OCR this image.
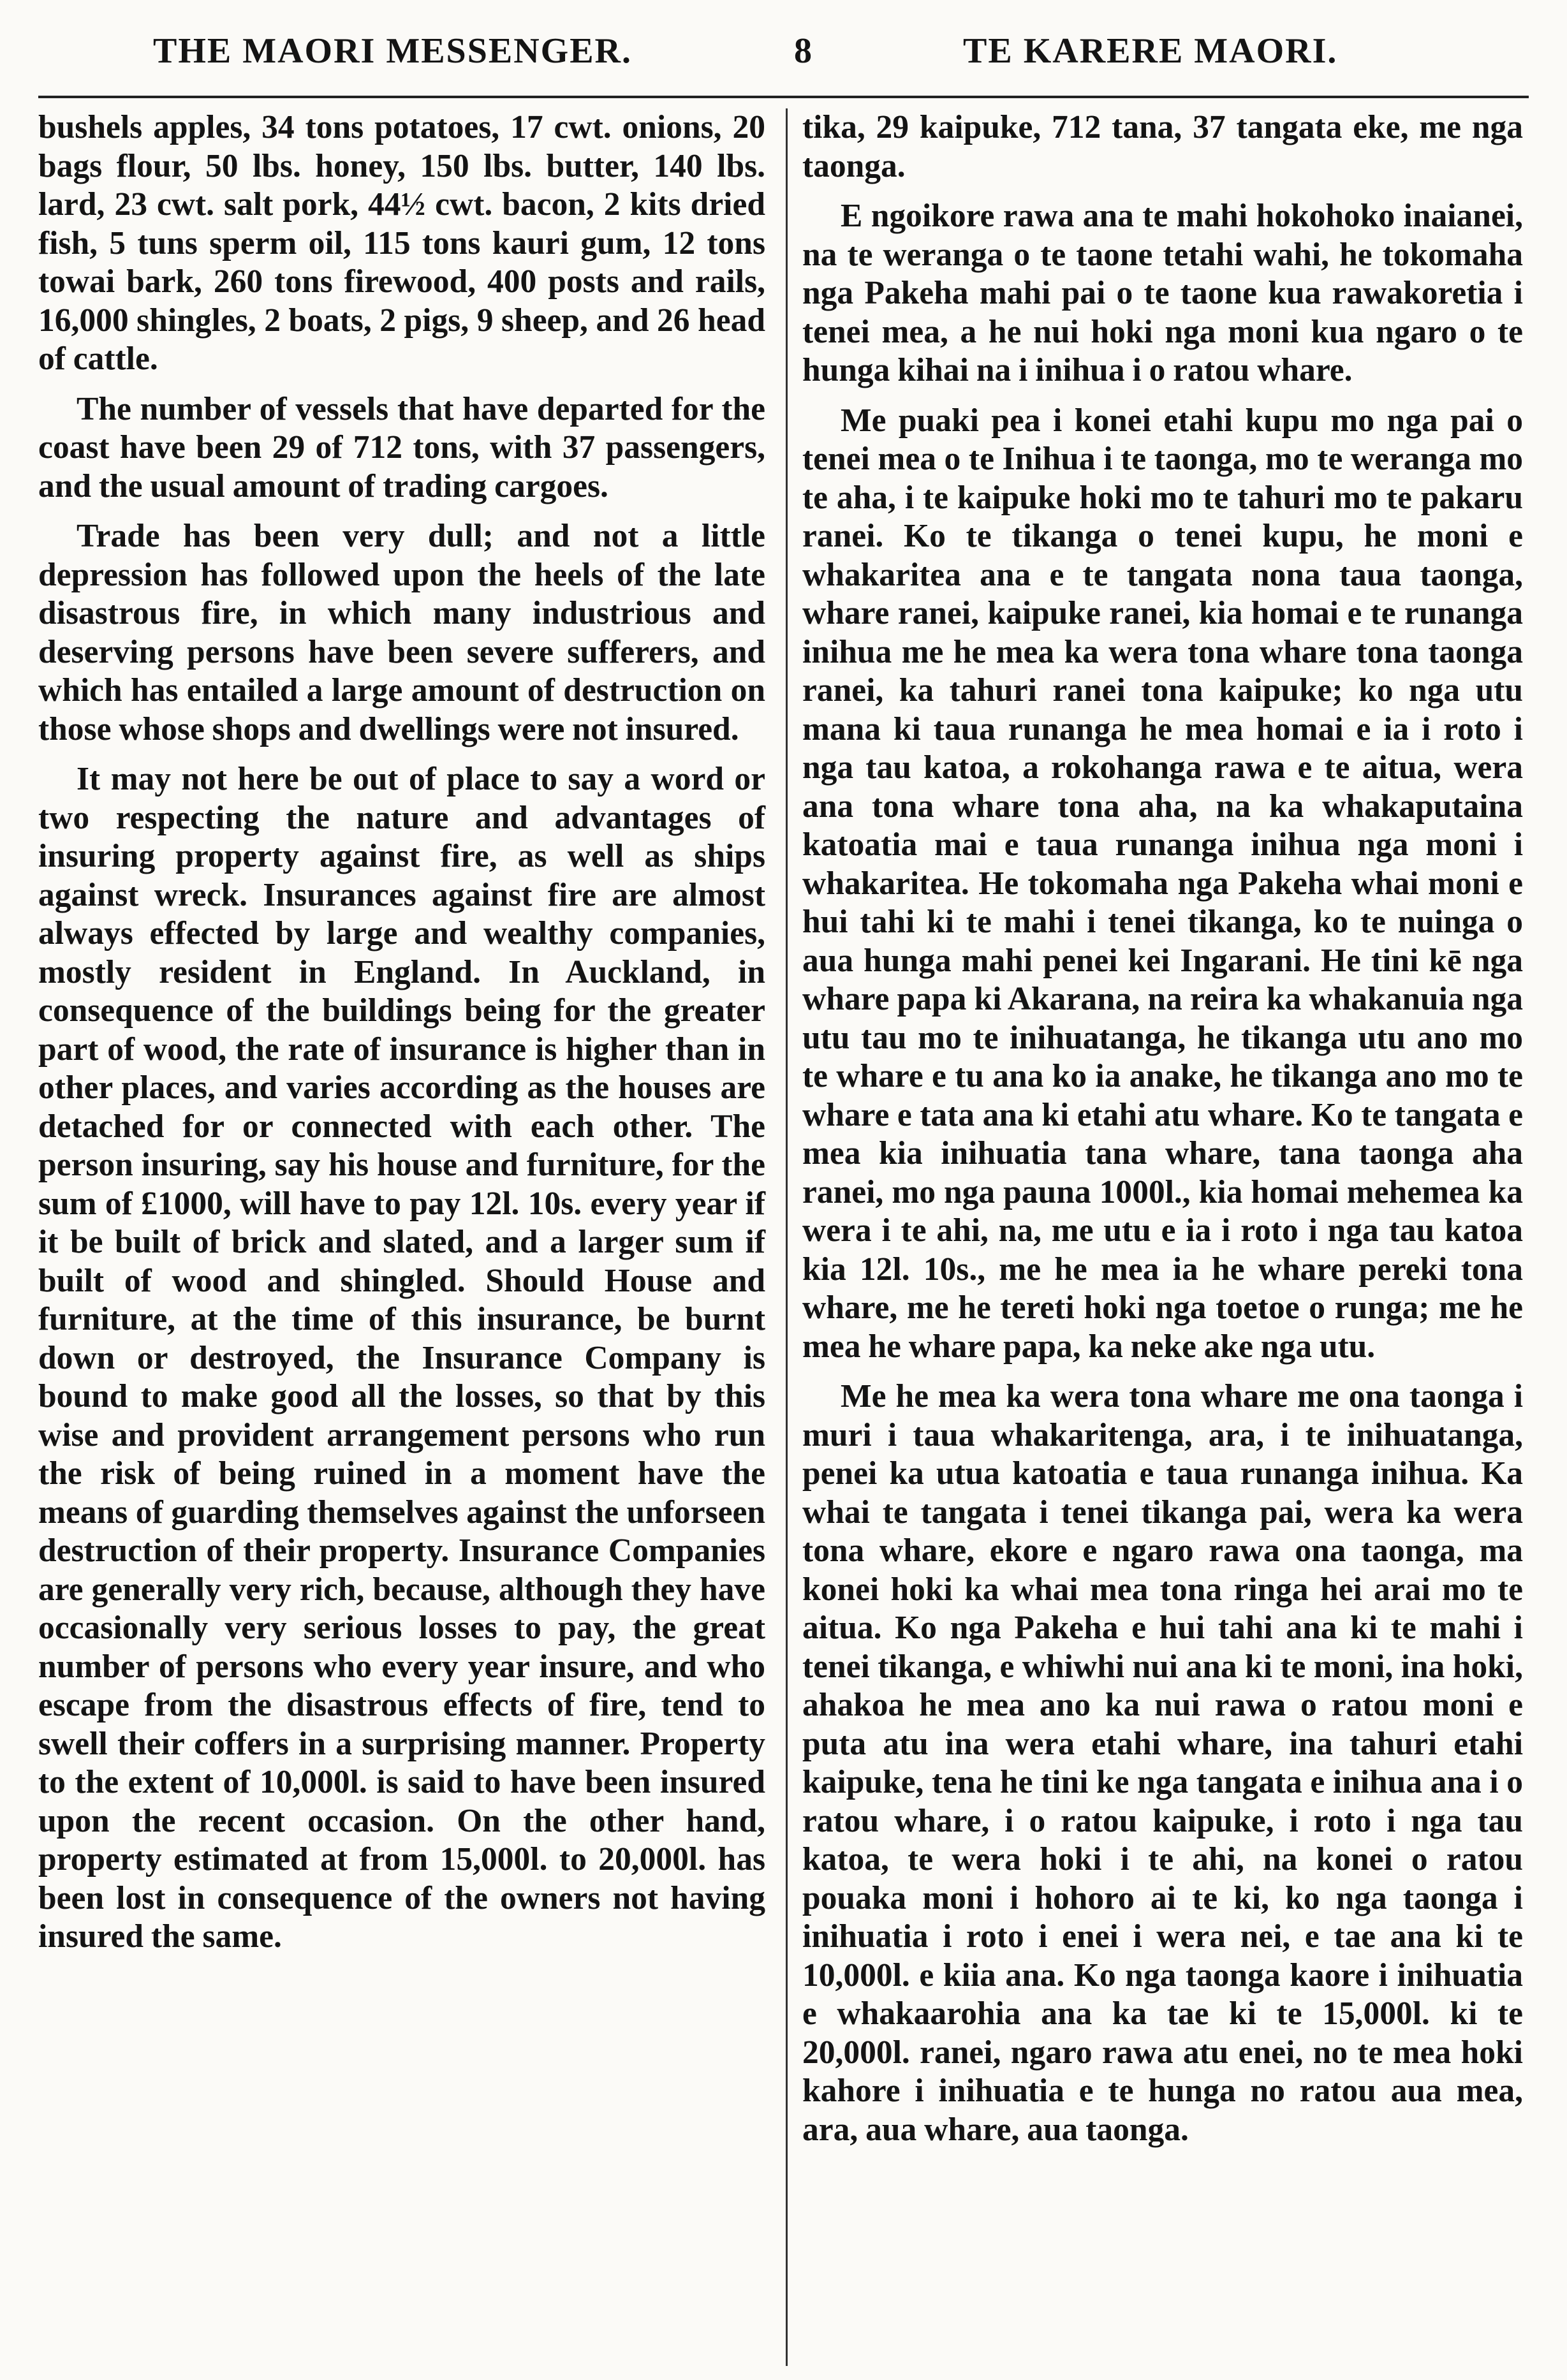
THE MAORI MESSENGER.	8	TE KARERE MAORI.

bushels apples, 34 tons potatoes, 17 cwt. onions, 20 bags flour, 50 lbs. honey, 150 lbs. butter, 140 lbs. lard, 23 cwt. salt pork, 44½ cwt. bacon, 2 kits dried fish, 5 tuns sperm oil, 115 tons kauri gum, 12 tons towai bark, 260 tons firewood, 400 posts and rails, 16,000 shingles, 2 boats, 2 pigs, 9 sheep, and 26 head of cattle.

The number of vessels that have departed for the coast have been 29 of 712 tons, with 37 passengers, and the usual amount of trading cargoes.

Trade has been very dull; and not a little depression has followed upon the heels of the late disastrous fire, in which many industrious and deserving persons have been severe sufferers, and which has entailed a large amount of destruction on those whose shops and dwellings were not insured.

It may not here be out of place to say a word or two respecting the nature and advantages of insuring property against fire, as well as ships against wreck. Insurances against fire are almost always effected by large and wealthy companies, mostly resident in England. In Auckland, in consequence of the buildings being for the greater part of wood, the rate of insurance is higher than in other places, and varies according as the houses are detached for or connected with each other. The person insuring, say his house and furniture, for the sum of £1000, will have to pay 12l. 10s. every year if it be built of brick and slated, and a larger sum if built of wood and shingled. Should House and furniture, at the time of this insurance, be burnt down or destroyed, the Insurance Company is bound to make good all the losses, so that by this wise and provident arrangement persons who run the risk of being ruined in a moment have the means of guarding themselves against the unforseen destruction of their property. Insurance Companies are generally very rich, because, although they have occasionally very serious losses to pay, the great number of persons who every year insure, and who escape from the disastrous effects of fire, tend to swell their coffers in a surprising manner. Property to the extent of 10,000l. is said to have been insured upon the recent occasion. On the other hand, property estimated at from 15,000l. to 20,000l. has been lost in consequence of the owners not having insured the same.

tika, 29 kaipuke, 712 tana, 37 tangata eke, me nga taonga.

E ngoikore rawa ana te mahi hokohoko inaianei, na te weranga o te taone tetahi wahi, he tokomaha nga Pakeha mahi pai o te taone kua rawakoretia i tenei mea, a he nui hoki nga moni kua ngaro o te hunga kihai na i inihua i o ratou whare.

Me puaki pea i konei etahi kupu mo nga pai o tenei mea o te Inihua i te taonga, mo te weranga mo te aha, i te kaipuke hoki mo te tahuri mo te pakaru ranei. Ko te tikanga o tenei kupu, he moni e whakaritea ana e te tangata nona taua taonga, whare ranei, kaipuke ranei, kia homai e te runanga inihua me he mea ka wera tona whare tona taonga ranei, ka tahuri ranei tona kaipuke; ko nga utu mana ki taua runanga he mea homai e ia i roto i nga tau katoa, a rokohanga rawa e te aitua, wera ana tona whare tona aha, na ka whakaputaina katoatia mai e taua runanga inihua nga moni i whakaritea. He tokomaha nga Pakeha whai moni e hui tahi ki te mahi i tenei tikanga, ko te nuinga o aua hunga mahi penei kei Ingarani. He tini kē nga whare papa ki Akarana, na reira ka whakanuia nga utu tau mo te inihuatanga, he tikanga utu ano mo te whare e tu ana ko ia anake, he tikanga ano mo te whare e tata ana ki etahi atu whare. Ko te tangata e mea kia inihuatia tana whare, tana taonga aha ranei, mo nga pauna 1000l., kia homai mehemea ka wera i te ahi, na, me utu e ia i roto i nga tau katoa kia 12l. 10s., me he mea ia he whare pereki tona whare, me he tereti hoki nga toetoe o runga; me he mea he whare papa, ka neke ake nga utu.

Me he mea ka wera tona whare me ona taonga i muri i taua whakaritenga, ara, i te inihuatanga, penei ka utua katoatia e taua runanga inihua. Ka whai te tangata i tenei tikanga pai, wera ka wera tona whare, ekore e ngaro rawa ona taonga, ma konei hoki ka whai mea tona ringa hei arai mo te aitua. Ko nga Pakeha e hui tahi ana ki te mahi i tenei tikanga, e whiwhi nui ana ki te moni, ina hoki, ahakoa he mea ano ka nui rawa o ratou moni e puta atu ina wera etahi whare, ina tahuri etahi kaipuke, tena he tini ke nga tangata e inihua ana i o ratou whare, i o ratou kaipuke, i roto i nga tau katoa, te wera hoki i te ahi, na konei o ratou pouaka moni i hohoro ai te ki, ko nga taonga i inihuatia i roto i enei i wera nei, e tae ana ki te 10,000l. e kiia ana. Ko nga taonga kaore i inihuatia e whakaarohia ana ka tae ki te 15,000l. ki te 20,000l. ranei, ngaro rawa atu enei, no te mea hoki kahore i inihuatia e te hunga no ratou aua mea, ara, aua whare, aua taonga.
